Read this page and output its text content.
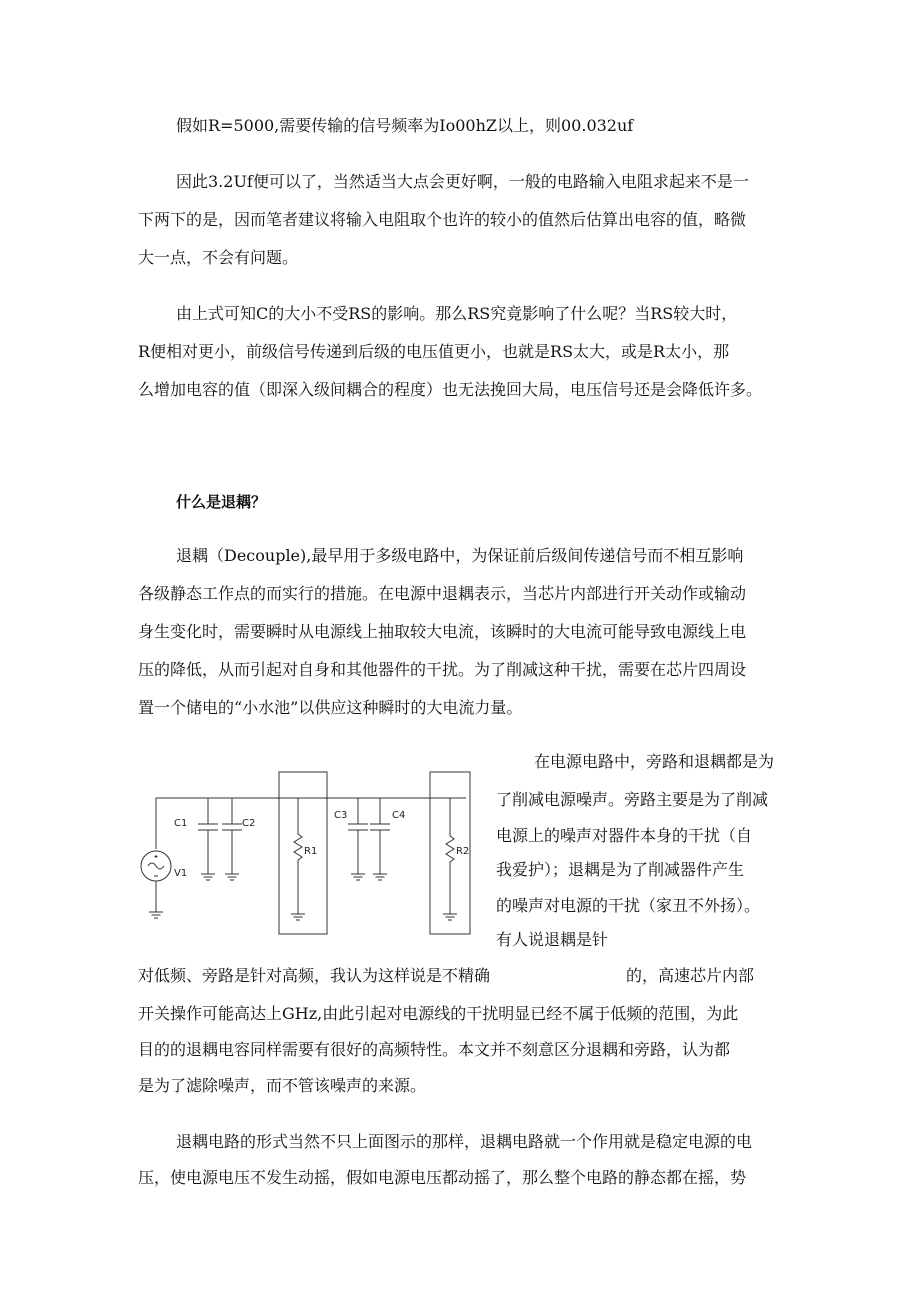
假如R=5000,需要传输的信号频率为Io00hZ以上，则00.032uf
因此3.2Uf便可以了，当然适当大点会更好啊，一般的电路输入电阻求起来不是一
下两下的是，因而笔者建议将输入电阻取个也许的较小的值然后估算出电容的值，略微
大一点，不会有问题。
由上式可知C的大小不受RS的影响。那么RS究竟影响了什么呢？当RS较大时，
R便相对更小，前级信号传递到后级的电压值更小，也就是RS太大，或是R太小，那
么增加电容的值（即深入级间耦合的程度）也无法挽回大局，电压信号还是会降低许多。
什么是退耦？
退耦（Decouple),最早用于多级电路中，为保证前后级间传递信号而不相互影响
各级静态工作点的而实行的措施。在电源中退耦表示，当芯片内部进行开关动作或输动
身生变化时，需要瞬时从电源线上抽取较大电流，该瞬时的大电流可能导致电源线上电
压的降低，从而引起对自身和其他器件的干扰。为了削减这种干扰，需要在芯片四周设
置一个储电的“小水池”以供应这种瞬时的大电流力量。
C1	C2
R1
C3	C4
R2
V1
在电源电路中，旁路和退耦都是为
了削减电源噪声。旁路主要是为了削减
电源上的噪声对器件本身的干扰（自
我爱护）；退耦是为了削减器件产生
的噪声对电源的干扰（家丑不外扬）。
有人说退耦是针
对低频、旁路是针对高频，我认为这样说是不精确	的，高速芯片内部
开关操作可能高达上GHz,由此引起对电源线的干扰明显已经不属于低频的范围，为此
目的的退耦电容同样需要有很好的高频特性。本文并不刻意区分退耦和旁路，认为都
是为了滤除噪声，而不管该噪声的来源。
退耦电路的形式当然不只上面图示的那样，退耦电路就一个作用就是稳定电源的电
压，使电源电压不发生动摇，假如电源电压都动摇了，那么整个电路的静态都在摇，势
